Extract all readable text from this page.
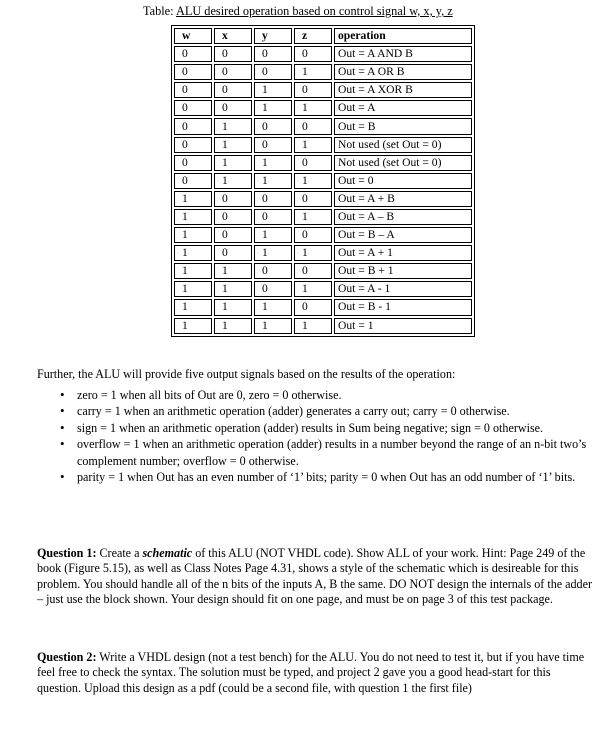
Table: ALU desired operation based on control signal w, x, y, z
w	x	y	z	operation
0	0	0	0	Out = A AND B
0	0	0	1	Out = A OR B
0	0	1	0	Out = A XOR B
0	0	1	1	Out = A
0	1	0	0	Out = B
0	1	0	1	Not used (set Out = 0)
0	1	1	0	Not used (set Out = 0)
0	1	1	1	Out = 0
1	0	0	0	Out = A + B
1	0	0	1	Out = A – B
1	0	1	0	Out = B – A
1	0	1	1	Out = A + 1
1	1	0	0	Out = B + 1
1	1	0	1	Out = A - 1
1	1	1	0	Out = B - 1
1	1	1	1	Out = 1
Further, the ALU will provide five output signals based on the results of the operation:
• zero = 1 when all bits of Out are 0, zero = 0 otherwise.
• carry = 1 when an arithmetic operation (adder) generates a carry out; carry = 0 otherwise.
• sign = 1 when an arithmetic operation (adder) results in Sum being negative; sign = 0 otherwise.
• overflow = 1 when an arithmetic operation (adder) results in a number beyond the range of an n-bit two’s complement number; overflow = 0 otherwise.
• parity = 1 when Out has an even number of ‘1’ bits; parity = 0 when Out has an odd number of ‘1’ bits.
Question 1: Create a schematic of this ALU (NOT VHDL code). Show ALL of your work. Hint: Page 249 of the book (Figure 5.15), as well as Class Notes Page 4.31, shows a style of the schematic which is desireable for this problem. You should handle all of the n bits of the inputs A, B the same. DO NOT design the internals of the adder – just use the block shown. Your design should fit on one page, and must be on page 3 of this test package.
Question 2: Write a VHDL design (not a test bench) for the ALU. You do not need to test it, but if you have time feel free to check the syntax. The solution must be typed, and project 2 gave you a good head-start for this question. Upload this design as a pdf (could be a second file, with question 1 the first file)
